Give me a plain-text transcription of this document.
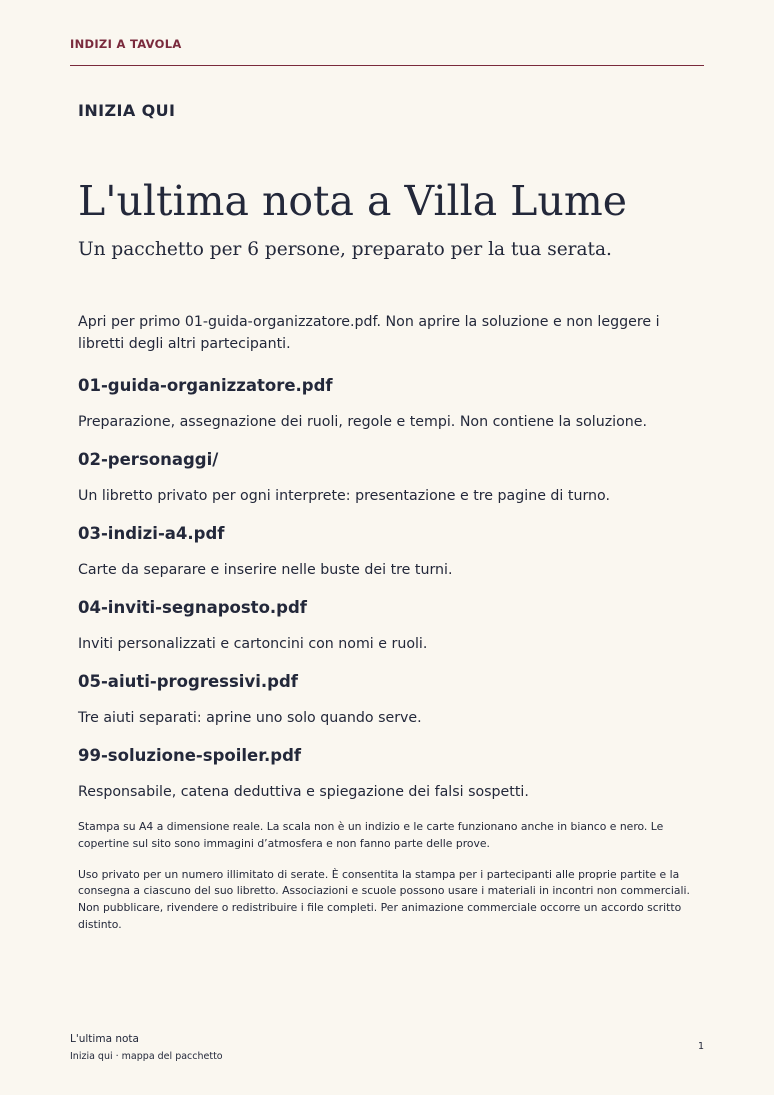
INDIZI A TAVOLA
INIZIA QUI
L'ultima nota a Villa Lume
Un pacchetto per 6 persone, preparato per la tua serata.

Apri per primo 01-guida-organizzatore.pdf. Non aprire la soluzione e non leggere i libretti degli altri partecipanti.

01-guida-organizzatore.pdf

Preparazione, assegnazione dei ruoli, regole e tempi. Non contiene la soluzione.

02-personaggi/

Un libretto privato per ogni interprete: presentazione e tre pagine di turno.

03-indizi-a4.pdf

Carte da separare e inserire nelle buste dei tre turni.

04-inviti-segnaposto.pdf

Inviti personalizzati e cartoncini con nomi e ruoli.

05-aiuti-progressivi.pdf

Tre aiuti separati: aprine uno solo quando serve.

99-soluzione-spoiler.pdf

Responsabile, catena deduttiva e spiegazione dei falsi sospetti.

Stampa su A4 a dimensione reale. La scala non è un indizio e le carte funzionano anche in bianco e nero. Le copertine sul sito sono immagini d’atmosfera e non fanno parte delle prove.

Uso privato per un numero illimitato di serate. È consentita la stampa per i partecipanti alle proprie partite e la consegna a ciascuno del suo libretto. Associazioni e scuole possono usare i materiali in incontri non commerciali. Non pubblicare, rivendere o redistribuire i file completi. Per animazione commerciale occorre un accordo scritto distinto.

L'ultima nota
Inizia qui · mappa del pacchetto
1
